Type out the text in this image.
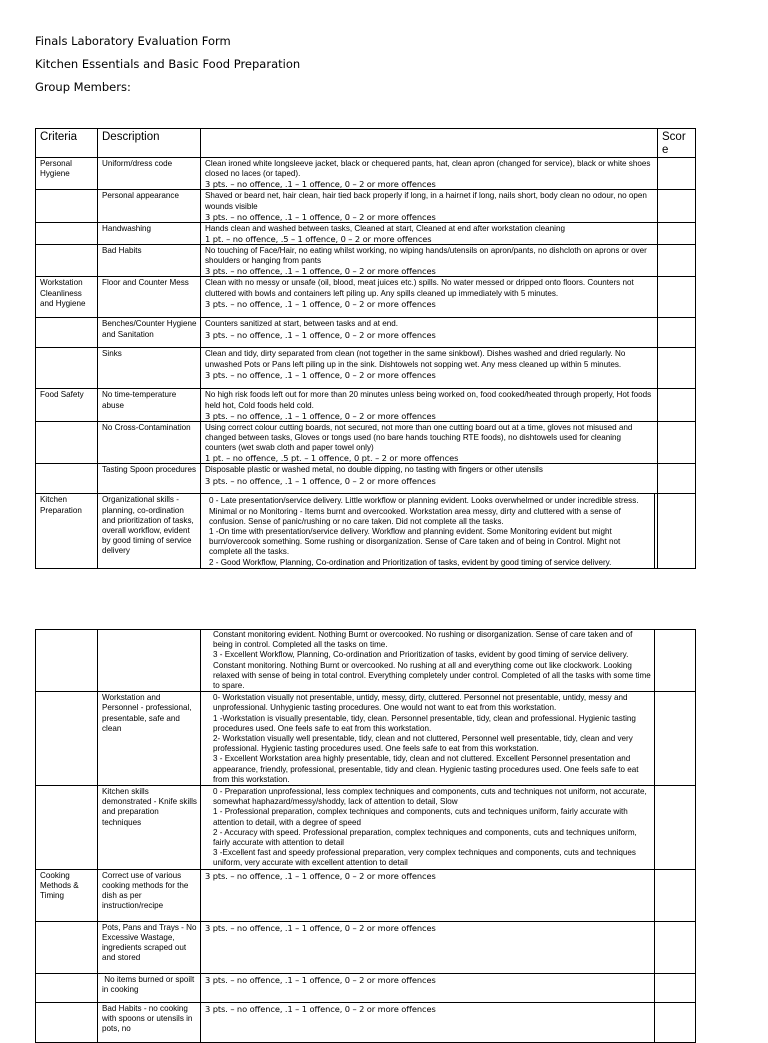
Finals Laboratory Evaluation Form
Kitchen Essentials and Basic Food Preparation
Group Members:
Criteria	Description			Score
Personal Hygiene	Uniform/dress code	Clean ironed white longsleeve jacket, black or chequered pants, hat, clean apron (changed for service), black or white shoes closed no laces (or taped).
3 pts. – no offence, .1 – 1 offence, 0 – 2 or more offences		

	Personal appearance	Shaved or beard net, hair clean, hair tied back properly if long, in a hairnet if long, nails short, body clean no odour, no open wounds visible
3 pts. – no offence, .1 – 1 offence, 0 – 2 or more offences		

	Handwashing	Hands clean and washed between tasks, Cleaned at start, Cleaned at end after workstation cleaning
1 pt. – no offence, .5 – 1 offence, 0 – 2 or more offences		

	Bad Habits	No touching of Face/Hair, no eating whilst working, no wiping hands/utensils on apron/pants, no dishcloth on aprons or over shoulders or hanging from pants
3 pts. – no offence, .1 – 1 offence, 0 – 2 or more offences		

Workstation Cleanliness and Hygiene	Floor and Counter Mess	Clean with no messy or unsafe (oil, blood, meat juices etc.) spills. No water messed or dripped onto floors. Counters not cluttered with bowls and containers left piling up. Any spills cleaned up immediately with 5 minutes.
3 pts. – no offence, .1 – 1 offence, 0 – 2 or more offences		

	Benches/Counter Hygiene and Sanitation	Counters sanitized at start, between tasks and at end.
3 pts. – no offence, .1 – 1 offence, 0 – 2 or more offences		

	Sinks	Clean and tidy, dirty separated from clean (not together in the same sinkbowl). Dishes washed and dried regularly. No unwashed Pots or Pans left piling up in the sink. Dishtowels not sopping wet. Any mess cleaned up within 5 minutes.
3 pts. – no offence, .1 – 1 offence, 0 – 2 or more offences		

Food Safety	No time-temperature abuse	No high risk foods left out for more than 20 minutes unless being worked on, food cooked/heated through properly, Hot foods held hot, Cold foods held cold.
3 pts. – no offence, .1 – 1 offence, 0 – 2 or more offences		

	No Cross-Contamination	Using correct colour cutting boards, not secured, not more than one cutting board out at a time, gloves not misused and changed between tasks, Gloves or tongs used (no bare hands touching RTE foods), no dishtowels used for cleaning counters (wet swab cloth and paper towel only)
1 pt. – no offence, .5 pt. – 1 offence, 0 pt. – 2 or more offences		

	Tasting Spoon procedures	Disposable plastic or washed metal, no double dipping, no tasting with fingers or other utensils
3 pts. – no offence, .1 – 1 offence, 0 – 2 or more offences		

Kitchen Preparation	Organizational skills - planning, co-ordination and prioritization of tasks, overall workflow, evident by good timing of service delivery	0 - Late presentation/service delivery. Little workflow or planning evident. Looks overwhelmed or under incredible stress. Minimal or no Monitoring - Items burnt and overcooked. Workstation area messy, dirty and cluttered with a sense of confusion. Sense of panic/rushing or no care taken. Did not complete all the tasks.
1 -On time with presentation/service delivery. Workflow and planning evident. Some Monitoring evident but might burn/overcook something. Some rushing or disorganization. Sense of Care taken and of being in Control. Might not complete all the tasks.
2 - Good Workflow, Planning, Co-ordination and Prioritization of tasks, evident by good timing of service delivery.		

		Constant monitoring evident. Nothing Burnt or overcooked. No rushing or disorganization. Sense of care taken and of being in control. Completed all the tasks on time.
3 - Excellent Workflow, Planning, Co-ordination and Prioritization of tasks, evident by good timing of service delivery. Constant monitoring. Nothing Burnt or overcooked. No rushing at all and everything come out like clockwork. Looking relaxed with sense of being in total control. Everything completely under control. Completed of all the tasks with some time to spare.	

	Workstation and Personnel - professional, presentable, safe and clean	0- Workstation visually not presentable, untidy, messy, dirty, cluttered. Personnel not presentable, untidy, messy and unprofessional. Unhygienic tasting procedures. One would not want to eat from this workstation.
1 -Workstation is visually presentable, tidy, clean. Personnel presentable, tidy, clean and professional. Hygienic tasting procedures used. One feels safe to eat from this workstation.
2- Workstation visually well presentable, tidy, clean and not cluttered, Personnel well presentable, tidy, clean and very professional. Hygienic tasting procedures used. One feels safe to eat from this workstation.
3 - Excellent Workstation area highly presentable, tidy, clean and not cluttered. Excellent Personnel presentation and appearance, friendly, professional, presentable, tidy and clean. Hygienic tasting procedures used. One feels safe to eat from this workstation.	

	Kitchen skills demonstrated - Knife skills and preparation techniques	0 - Preparation unprofessional, less complex techniques and components, cuts and techniques not uniform, not accurate, somewhat haphazard/messy/shoddy, lack of attention to detail, Slow
1 - Professional preparation, complex techniques and components, cuts and techniques uniform, fairly accurate with attention to detail, with a degree of speed
2 - Accuracy with speed. Professional preparation, complex techniques and components, cuts and techniques uniform, fairly accurate with attention to detail
3 -Excellent fast and speedy professional preparation, very complex techniques and components, cuts and techniques uniform, very accurate with excellent attention to detail	

Cooking Methods & Timing	Correct use of various cooking methods for the dish as per instruction/recipe	3 pts. – no offence, .1 – 1 offence, 0 – 2 or more offences	

	Pots, Pans and Trays - No Excessive Wastage, ingredients scraped out and stored	3 pts. – no offence, .1 – 1 offence, 0 – 2 or more offences	

	No items burned or spoilt in cooking	3 pts. – no offence, .1 – 1 offence, 0 – 2 or more offences	

	Bad Habits - no cooking with spoons or utensils in pots, no	3 pts. – no offence, .1 – 1 offence, 0 – 2 or more offences	
